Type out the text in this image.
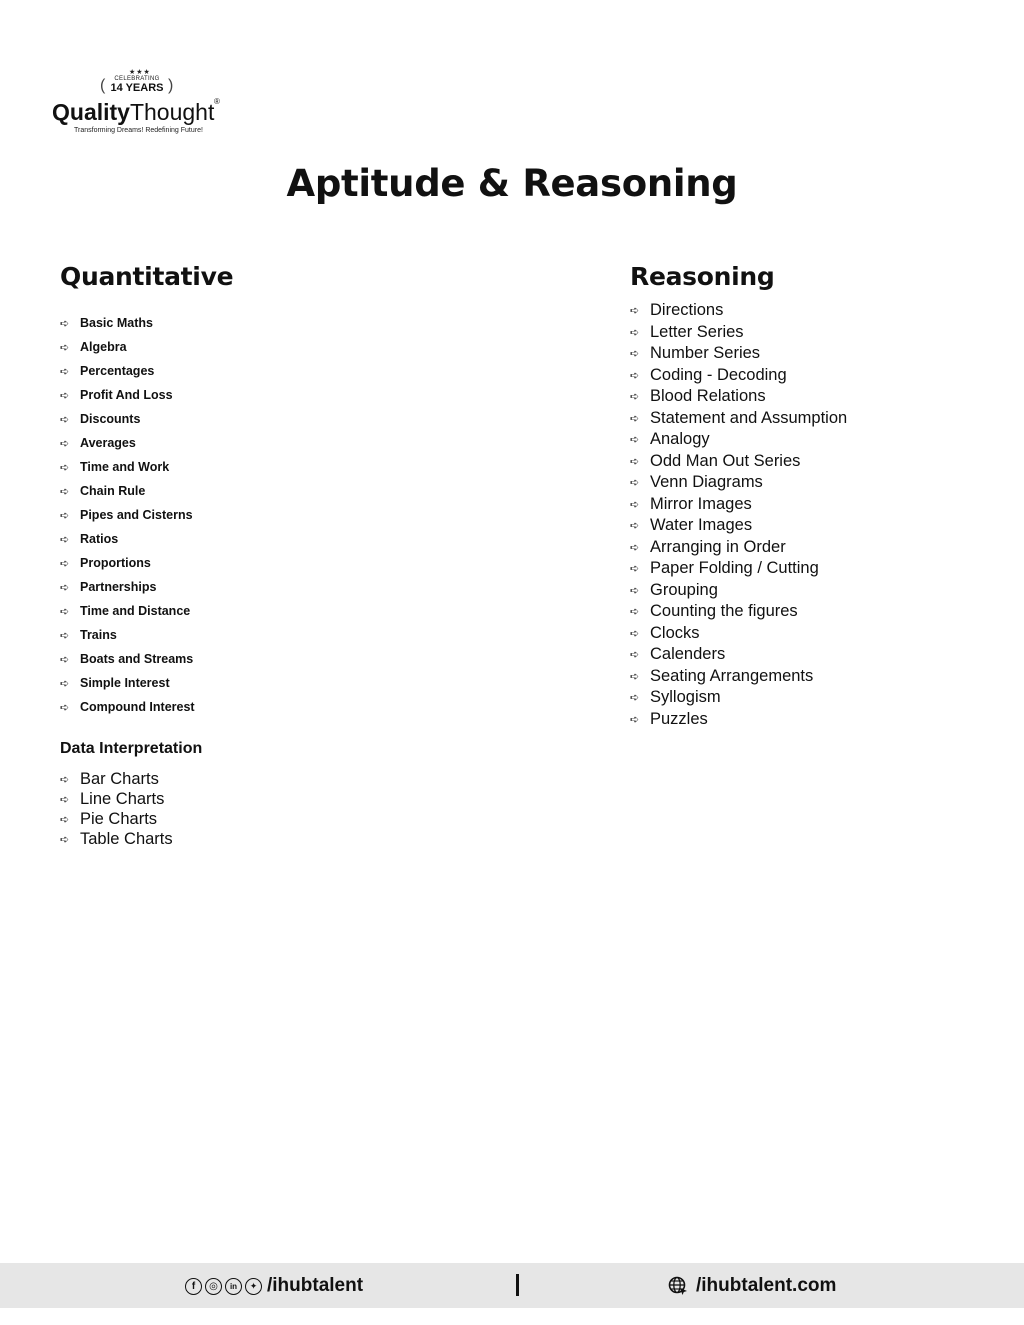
★★★
(	CELEBRATING
14 YEARS )
QualityThought ®
Transforming Dreams! Redefining Future!
Aptitude & Reasoning
Quantitative
➪ Basic Maths
➪ Algebra
➪ Percentages
➪ Profit And Loss
➪ Discounts
➪ Averages
➪ Time and Work
➪ Chain Rule
➪ Pipes and Cisterns
➪ Ratios
➪ Proportions
➪ Partnerships
➪ Time and Distance
➪ Trains
➪ Boats and Streams
➪ Simple Interest
➪ Compound Interest
Data Interpretation
➪ Bar Charts
➪ Line Charts
➪ Pie Charts
➪ Table Charts
Reasoning
➪ Directions
➪ Letter Series
➪ Number Series
➪ Coding - Decoding
➪ Blood Relations
➪ Statement and Assumption
➪ Analogy
➪ Odd Man Out Series
➪ Venn Diagrams
➪ Mirror Images
➪ Water Images
➪ Arranging in Order
➪ Paper Folding / Cutting
➪ Grouping
➪ Counting the figures
➪ Clocks
➪ Calenders
➪ Seating Arrangements
➪ Syllogism
➪ Puzzles
f	◎	in	✦ /ihubtalent	/ihubtalent.com
